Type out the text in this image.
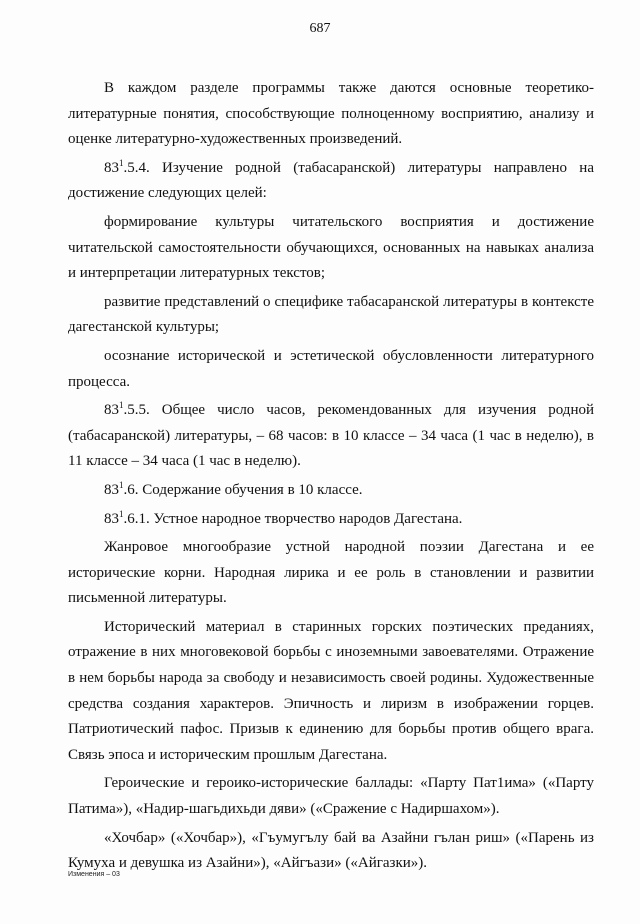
687

В каждом разделе программы также даются основные теоретико-литературные понятия, способствующие полноценному восприятию, анализу и оценке литературно-художественных произведений.

$83^1.5.4$. Изучение родной (табасаранской) литературы направлено на достижение следующих целей:

формирование культуры читательского восприятия и достижение читательской самостоятельности обучающихся, основанных на навыках анализа и интерпретации литературных текстов;

развитие представлений о специфике табасаранской литературы в контексте дагестанской культуры;

осознание исторической и эстетической обусловленности литературного процесса.

$83^1.5.5$. Общее число часов, рекомендованных для изучения родной (табасаранской) литературы, – 68 часов: в 10 классе – 34 часа (1 час в неделю), в 11 классе – 34 часа (1 час в неделю).

$83^1.6$. Содержание обучения в 10 классе.

$83^1.6.1$. Устное народное творчество народов Дагестана.

Жанровое многообразие устной народной поэзии Дагестана и ее исторические корни. Народная лирика и ее роль в становлении и развитии письменной литературы.

Исторический материал в старинных горских поэтических преданиях, отражение в них многовековой борьбы с иноземными завоевателями. Отражение в нем борьбы народа за свободу и независимость своей родины. Художественные средства создания характеров. Эпичность и лиризм в изображении горцев. Патриотический пафос. Призыв к единению для борьбы против общего врага. Связь эпоса и историческим прошлым Дагестана.

Героические и героико-исторические баллады: «Парту Пат1има» («Парту Патима»), «Надир-шагьдихьди дяви» («Сражение с Надиршахом»).

«Хочбар» («Хочбар»), «Гъумугълу бай ва Азайни гълан риш» («Парень из Кумуха и девушка из Азайни»), «Айгъази» («Айгазки»).

Изменения – 03
